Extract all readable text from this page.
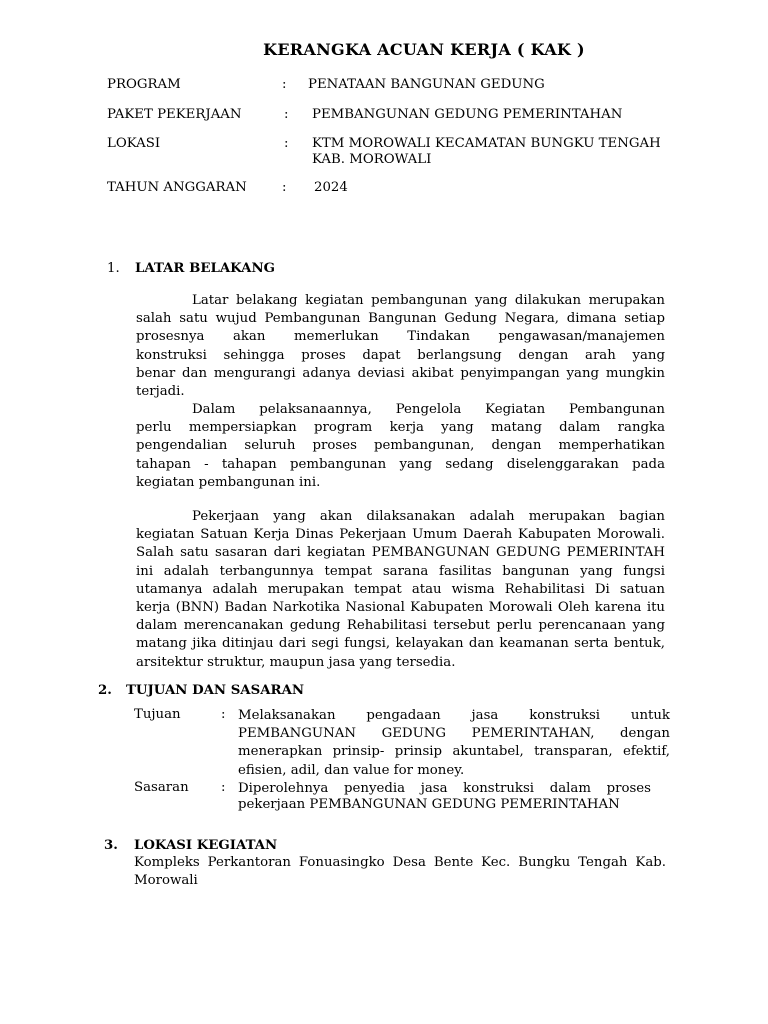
KERANGKA ACUAN KERJA ( KAK )
PROGRAM	: PENATAAN BANGUNAN GEDUNG
PAKET PEKERJAAN	: PEMBANGUNAN GEDUNG PEMERINTAHAN
LOKASI	: KTM MOROWALI KECAMATAN BUNGKU TENGAH
KAB. MOROWALI
TAHUN ANGGARAN	: 2024
1. LATAR BELAKANG
Latar belakang kegiatan pembangunan yang dilakukan merupakan
salah satu wujud Pembangunan Bangunan Gedung Negara, dimana setiap
prosesnya akan memerlukan Tindakan pengawasan/manajemen
konstruksi sehingga proses dapat berlangsung dengan arah yang
benar dan mengurangi adanya deviasi akibat penyimpangan yang mungkin
terjadi.
Dalam pelaksanaannya, Pengelola Kegiatan Pembangunan
perlu mempersiapkan program kerja yang matang dalam rangka
pengendalian seluruh proses pembangunan, dengan memperhatikan
tahapan - tahapan pembangunan yang sedang diselenggarakan pada
kegiatan pembangunan ini.
Pekerjaan yang akan dilaksanakan adalah merupakan bagian
kegiatan Satuan Kerja Dinas Pekerjaan Umum Daerah Kabupaten Morowali.
Salah satu sasaran dari kegiatan PEMBANGUNAN GEDUNG PEMERINTAH
ini adalah terbangunnya tempat sarana fasilitas bangunan yang fungsi
utamanya adalah merupakan tempat atau wisma Rehabilitasi Di satuan
kerja (BNN) Badan Narkotika Nasional Kabupaten Morowali Oleh karena itu
dalam merencanakan gedung Rehabilitasi tersebut perlu perencanaan yang
matang jika ditinjau dari segi fungsi, kelayakan dan keamanan serta bentuk,
arsitektur struktur, maupun jasa yang tersedia.
2. TUJUAN DAN SASARAN
Tujuan	: Melaksanakan pengadaan jasa konstruksi untuk
PEMBANGUNAN GEDUNG PEMERINTAHAN, dengan
menerapkan prinsip- prinsip akuntabel, transparan, efektif,
efisien, adil, dan value for money.
Sasaran : Diperolehnya penyedia jasa konstruksi dalam proses
pekerjaan PEMBANGUNAN GEDUNG PEMERINTAHAN
3. LOKASI KEGIATAN
Kompleks Perkantoran Fonuasingko Desa Bente Kec. Bungku Tengah Kab.
Morowali
